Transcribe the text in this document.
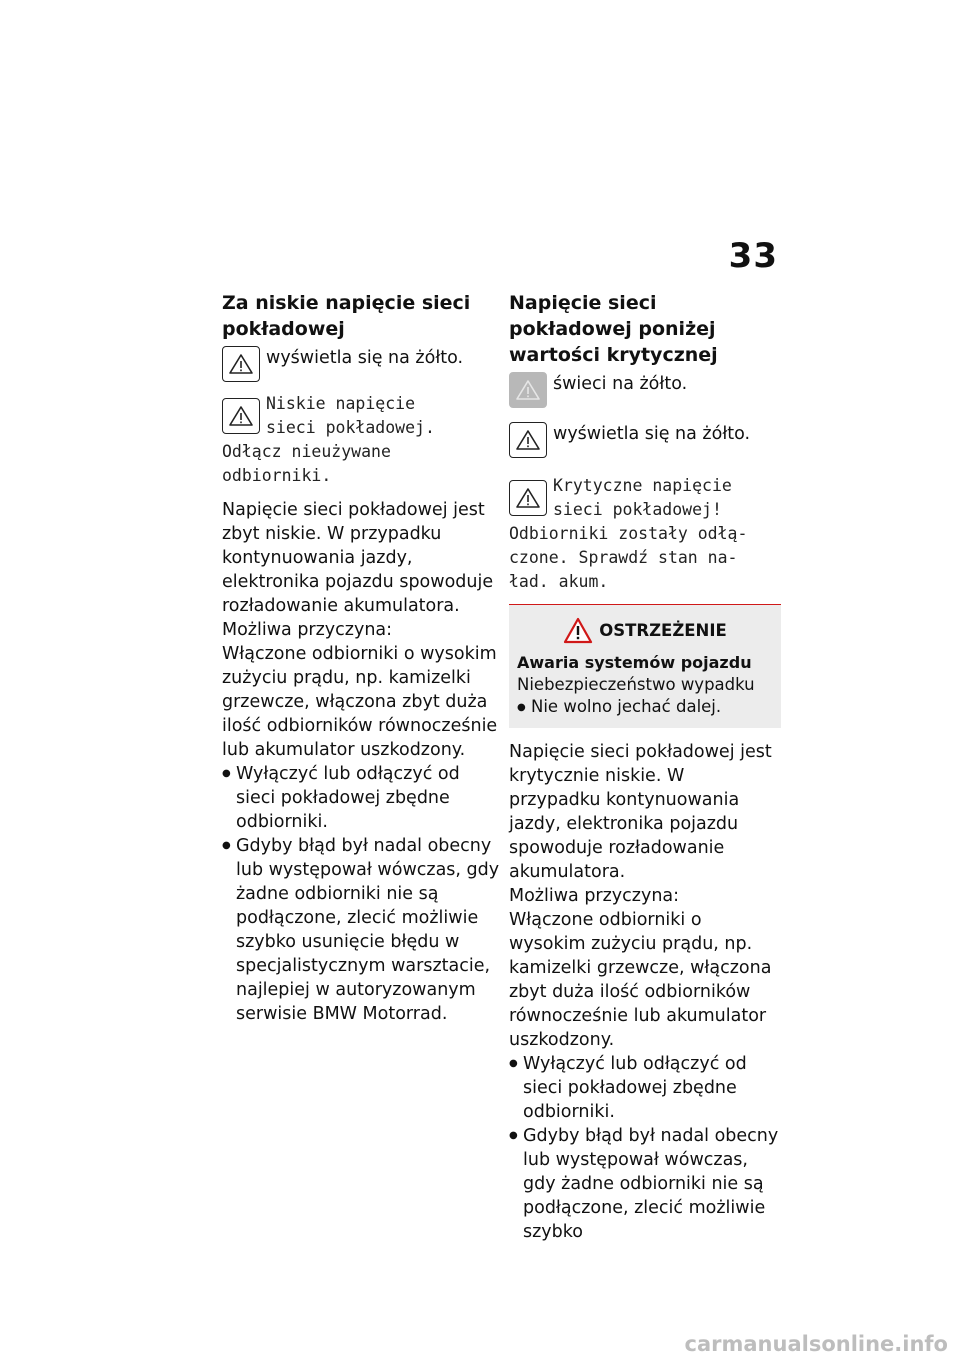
33
Za niskie napięcie sieci pokładowej

wyświetla się na żółto.

Niskie napięcie

sieci pokładowej.

Odłącz nieużywane

odbiorniki.

Napięcie sieci pokładowej jest zbyt niskie. W przypadku kontynuowania jazdy, elektronika pojazdu spowoduje rozładowanie akumulatora.

Możliwa przyczyna:

Włączone odbiorniki o wysokim zużyciu prądu, np. kamizelki grzewcze, włączona zbyt duża ilość odbiorników równocześnie lub akumulator uszkodzony.

● Wyłączyć lub odłączyć od sieci pokładowej zbędne odbiorniki.
● Gdyby błąd był nadal obecny lub występował wówczas, gdy żadne odbiorniki nie są podłączone, zlecić możliwie szybko usunięcie błędu w specjalistycznym warsztacie, najlepiej w autoryzowanym serwisie BMW Motorrad.
Napięcie sieci pokładowej poniżej wartości krytycznej

świeci na żółto.

wyświetla się na żółto.

Krytyczne napięcie

sieci pokładowej!

Odbiorniki zostały odłą-

czone. Sprawdź stan na-

ład. akum.

OSTRZEŻENIE
Awaria systemów pojazdu
Niebezpieczeństwo wypadku
● Nie wolno jechać dalej.

Napięcie sieci pokładowej jest krytycznie niskie. W przypadku kontynuowania jazdy, elektronika pojazdu spowoduje rozładowanie akumulatora.

Możliwa przyczyna:

Włączone odbiorniki o wysokim zużyciu prądu, np. kamizelki grzewcze, włączona zbyt duża ilość odbiorników równocześnie lub akumulator uszkodzony.

● Wyłączyć lub odłączyć od sieci pokładowej zbędne odbiorniki.
● Gdyby błąd był nadal obecny lub występował wówczas, gdy żadne odbiorniki nie są podłączone, zlecić możliwie szybko
carmanualsonline.info
